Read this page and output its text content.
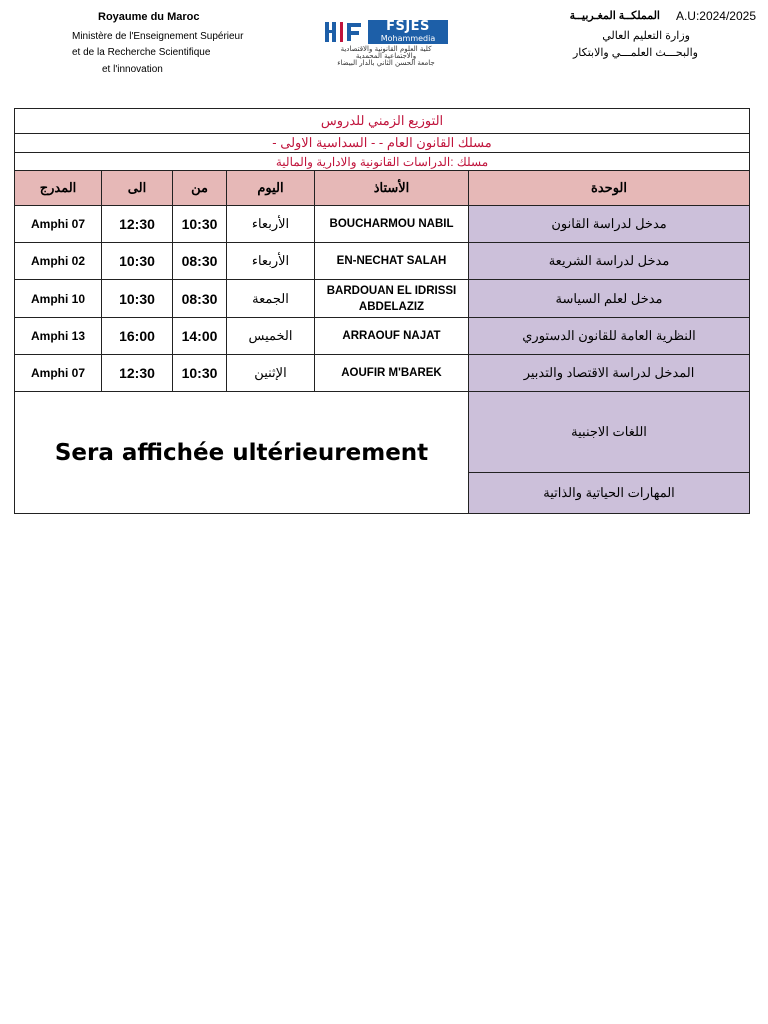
Royaume du Maroc
Ministère de l'Enseignement Supérieur
et de la Recherche Scientifique
et l'innovation
FSJES
Mohammedia
كلية العلوم القانونية والاقتصادية
والاجتماعية المحمدية
جامعة الحسن الثاني بالدار البيضاء
A.U:2024/2025
المملكــة المغـربيــة
وزارة التعليم العالي
والبحـــث العلمـــي والابتكار
التوزيع الزمني للدروس					
مسلك القانون العام - - السداسية الاولى -					
مسلك :الدراسات القانونية والادارية والمالية					
المدرج	الى	من	اليوم	الأستاذ	الوحدة
Amphi 07	12:30	10:30	الأربعاء	BOUCHARMOU NABIL	مدخل لدراسة القانون
Amphi 02	10:30	08:30	الأربعاء	EN-NECHAT SALAH	مدخل لدراسة الشريعة
Amphi 10	10:30	08:30	الجمعة	BARDOUAN EL IDRISSI ABDELAZIZ	مدخل لعلم السياسة
Amphi 13	16:00	14:00	الخميس	ARRAOUF NAJAT	النظرية العامة للقانون الدستوري
Amphi 07	12:30	10:30	الإثنين	AOUFIR M'BAREK	المدخل لدراسة الاقتصاد والتدبير
Sera affichée ultérieurement					اللغات الاجنبية
					المهارات الحياتية والذاتية
